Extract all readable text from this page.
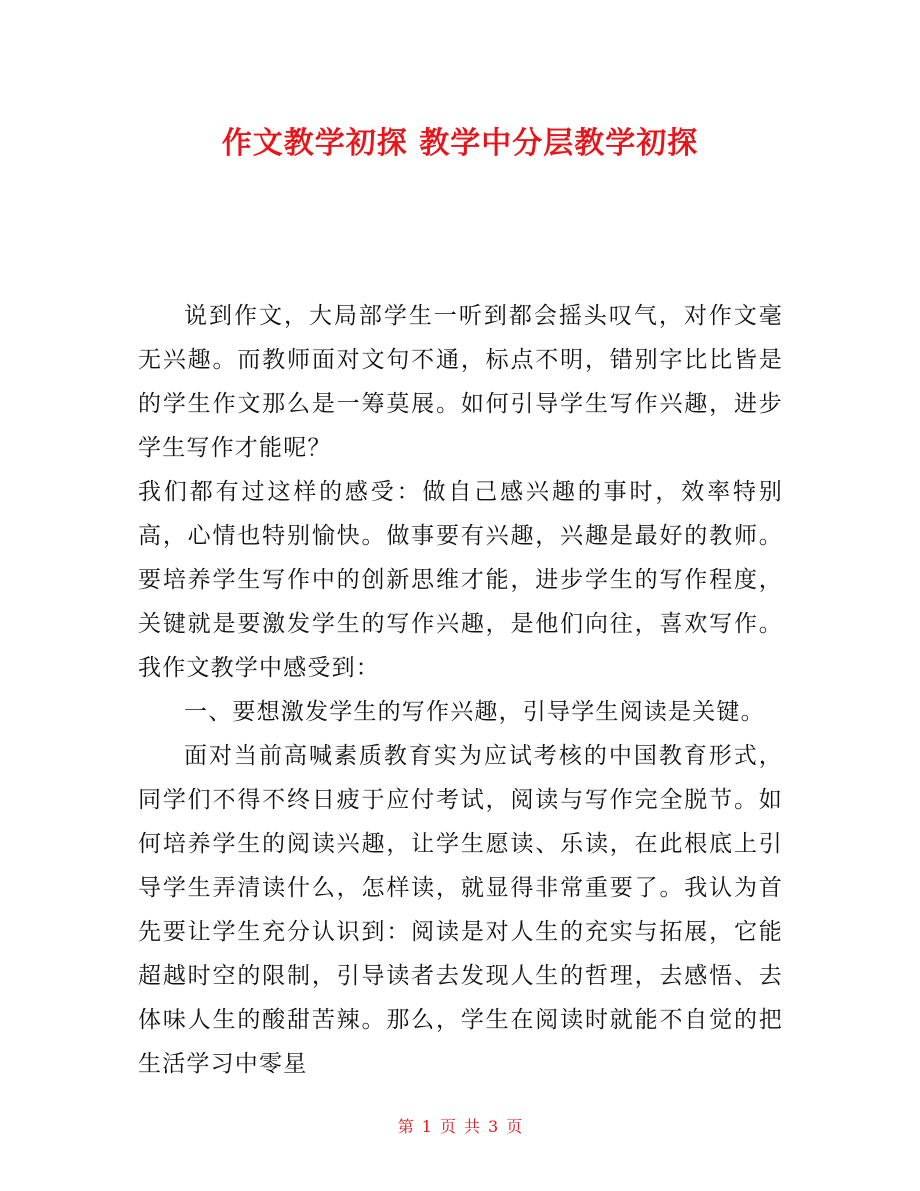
作文教学初探 教学中分层教学初探

说到作文，大局部学生一听到都会摇头叹气，对作文毫无兴趣。而教师面对文句不通，标点不明，错别字比比皆是的学生作文那么是一筹莫展。如何引导学生写作兴趣，进步学生写作才能呢？

我们都有过这样的感受：做自己感兴趣的事时，效率特别高，心情也特别愉快。做事要有兴趣，兴趣是最好的教师。要培养学生写作中的创新思维才能，进步学生的写作程度，关键就是要激发学生的写作兴趣，是他们向往，喜欢写作。我作文教学中感受到：

一、要想激发学生的写作兴趣，引导学生阅读是关键。

面对当前高喊素质教育实为应试考核的中国教育形式，同学们不得不终日疲于应付考试，阅读与写作完全脱节。如何培养学生的阅读兴趣，让学生愿读、乐读，在此根底上引导学生弄清读什么，怎样读，就显得非常重要了。我认为首先要让学生充分认识到：阅读是对人生的充实与拓展，它能超越时空的限制，引导读者去发现人生的哲理，去感悟、去体味人生的酸甜苦辣。那么，学生在阅读时就能不自觉的把生活学习中零星

第 1 页 共 3 页
